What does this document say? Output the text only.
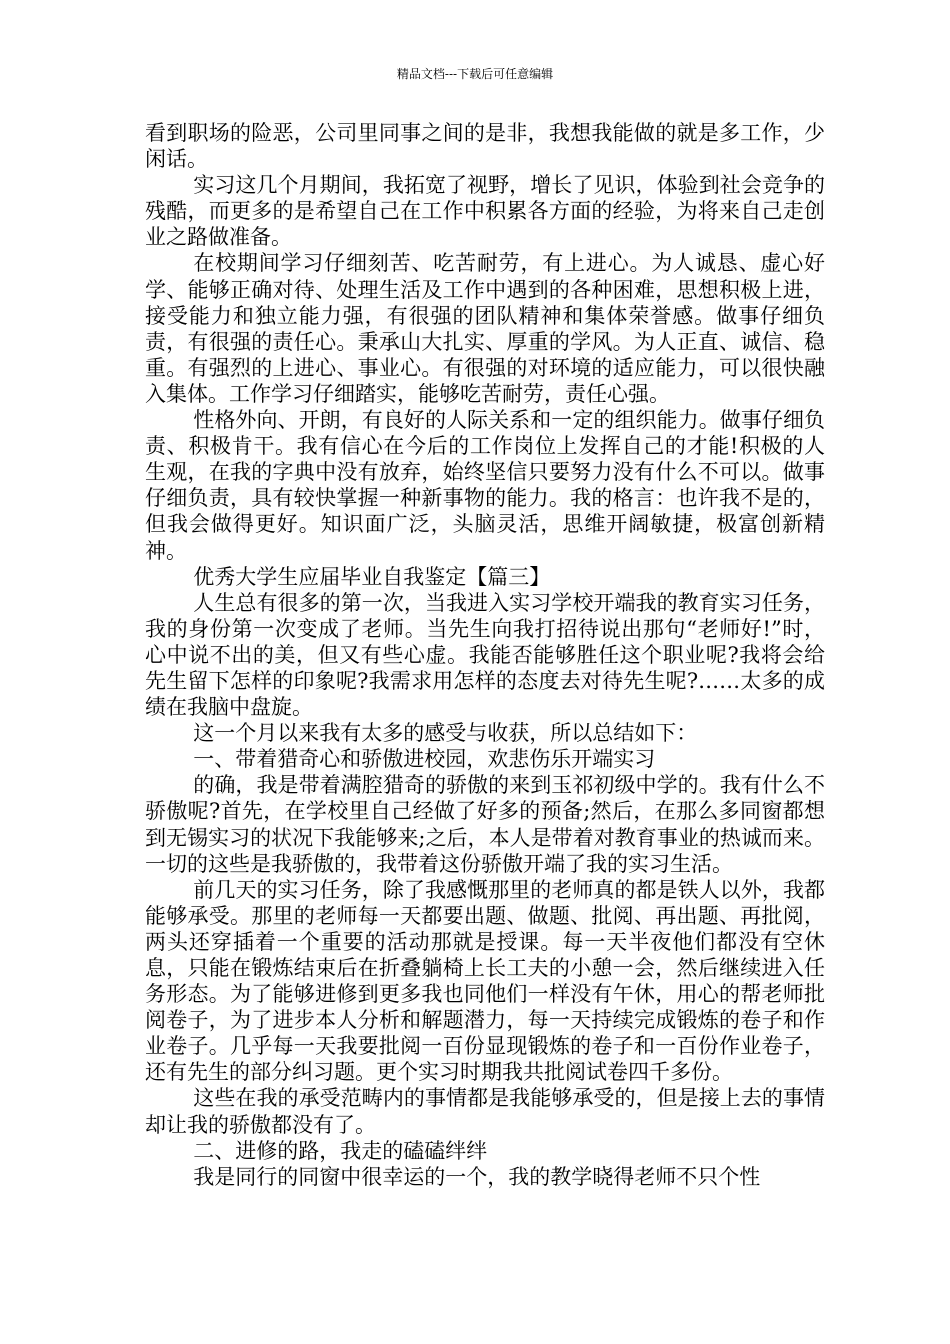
精品文档---下载后可任意编辑

看到职场的险恶，公司里同事之间的是非，我想我能做的就是多工作，少闲话。

实习这几个月期间，我拓宽了视野，增长了见识，体验到社会竞争的残酷，而更多的是希望自己在工作中积累各方面的经验，为将来自己走创业之路做准备。

在校期间学习仔细刻苦、吃苦耐劳，有上进心。为人诚恳、虚心好学、能够正确对待、处理生活及工作中遇到的各种困难，思想积极上进，接受能力和独立能力强，有很强的团队精神和集体荣誉感。做事仔细负责，有很强的责任心。秉承山大扎实、厚重的学风。为人正直、诚信、稳重。有强烈的上进心、事业心。有很强的对环境的适应能力，可以很快融入集体。工作学习仔细踏实，能够吃苦耐劳，责任心强。

性格外向、开朗，有良好的人际关系和一定的组织能力。做事仔细负责、积极肯干。我有信心在今后的工作岗位上发挥自己的才能!积极的人生观，在我的字典中没有放弃，始终坚信只要努力没有什么不可以。做事仔细负责，具有较快掌握一种新事物的能力。我的格言：也许我不是的，但我会做得更好。知识面广泛，头脑灵活，思维开阔敏捷，极富创新精神。

优秀大学生应届毕业自我鉴定【篇三】

人生总有很多的第一次，当我进入实习学校开端我的教育实习任务，我的身份第一次变成了老师。当先生向我打招待说出那句“老师好!”时，心中说不出的美，但又有些心虚。我能否能够胜任这个职业呢?我将会给先生留下怎样的印象呢?我需求用怎样的态度去对待先生呢?……太多的成绩在我脑中盘旋。

这一个月以来我有太多的感受与收获，所以总结如下：

一、带着猎奇心和骄傲进校园，欢悲伤乐开端实习

的确，我是带着满腔猎奇的骄傲的来到玉祁初级中学的。我有什么不骄傲呢?首先，在学校里自己经做了好多的预备;然后，在那么多同窗都想到无锡实习的状况下我能够来;之后，本人是带着对教育事业的热诚而来。一切的这些是我骄傲的，我带着这份骄傲开端了我的实习生活。

前几天的实习任务，除了我感慨那里的老师真的都是铁人以外，我都能够承受。那里的老师每一天都要出题、做题、批阅、再出题、再批阅，两头还穿插着一个重要的活动那就是授课。每一天半夜他们都没有空休息，只能在锻炼结束后在折叠躺椅上长工夫的小憩一会，然后继续进入任务形态。为了能够进修到更多我也同他们一样没有午休，用心的帮老师批阅卷子，为了进步本人分析和解题潜力，每一天持续完成锻炼的卷子和作业卷子。几乎每一天我要批阅一百份显现锻炼的卷子和一百份作业卷子，还有先生的部分纠习题。更个实习时期我共批阅试卷四千多份。

这些在我的承受范畴内的事情都是我能够承受的，但是接上去的事情却让我的骄傲都没有了。

二、进修的路，我走的磕磕绊绊

我是同行的同窗中很幸运的一个，我的教学晓得老师不只个性
